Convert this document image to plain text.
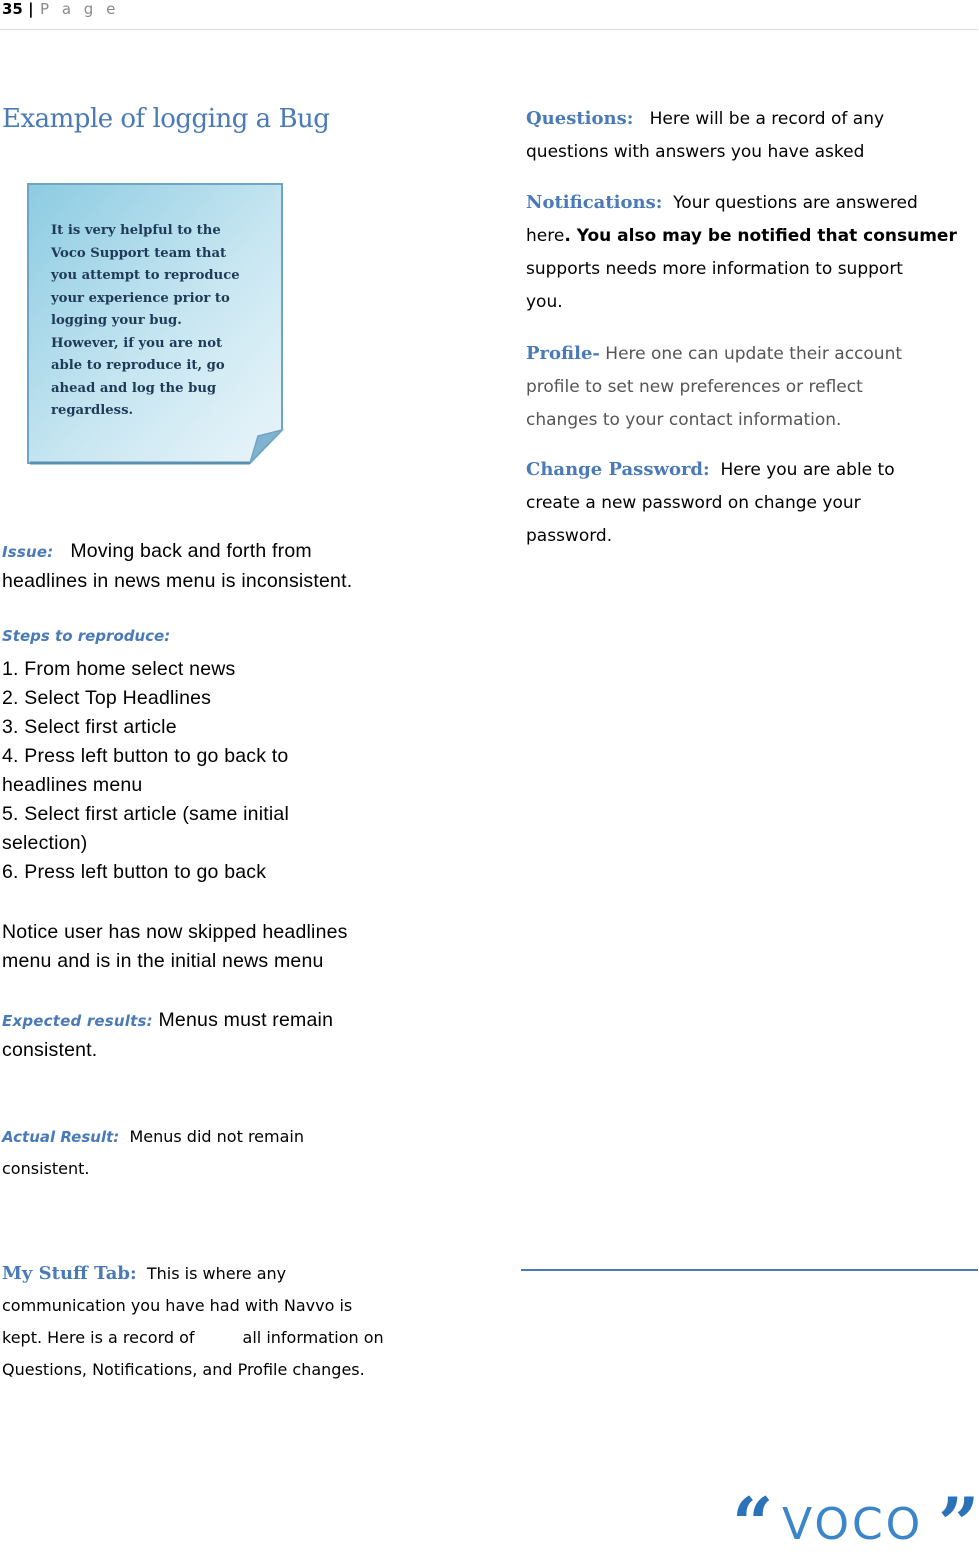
35 | P a g e
Example of logging a Bug
It is very helpful to the
Voco Support team that
you attempt to reproduce
your experience prior to
logging your bug.
However, if you are not
able to reproduce it, go
ahead and log the bug
regardless.
Issue: Moving back and forth from
headlines in news menu is inconsistent.
Steps to reproduce:
1. From home select news
2. Select Top Headlines
3. Select first article
4. Press left button to go back to
headlines menu
5. Select first article (same initial
selection)
6. Press left button to go back
Notice user has now skipped headlines
menu and is in the initial news menu
Expected results: Menus must remain
consistent.
Actual Result: Menus did not remain
consistent.
My Stuff Tab: This is where any
communication you have had with Navvo is
kept. Here is a record of	all information on
Questions, Notifications, and Profile changes.
Questions: Here will be a record of any
questions with answers you have asked
Notifications: Your questions are answered
here. You also may be notified that consumer
supports needs more information to support
you.
Profile- Here one can update their account
profile to set new preferences or reflect
changes to your contact information.
Change Password: Here you are able to
create a new password on change your
password.
“ VOCO ”
